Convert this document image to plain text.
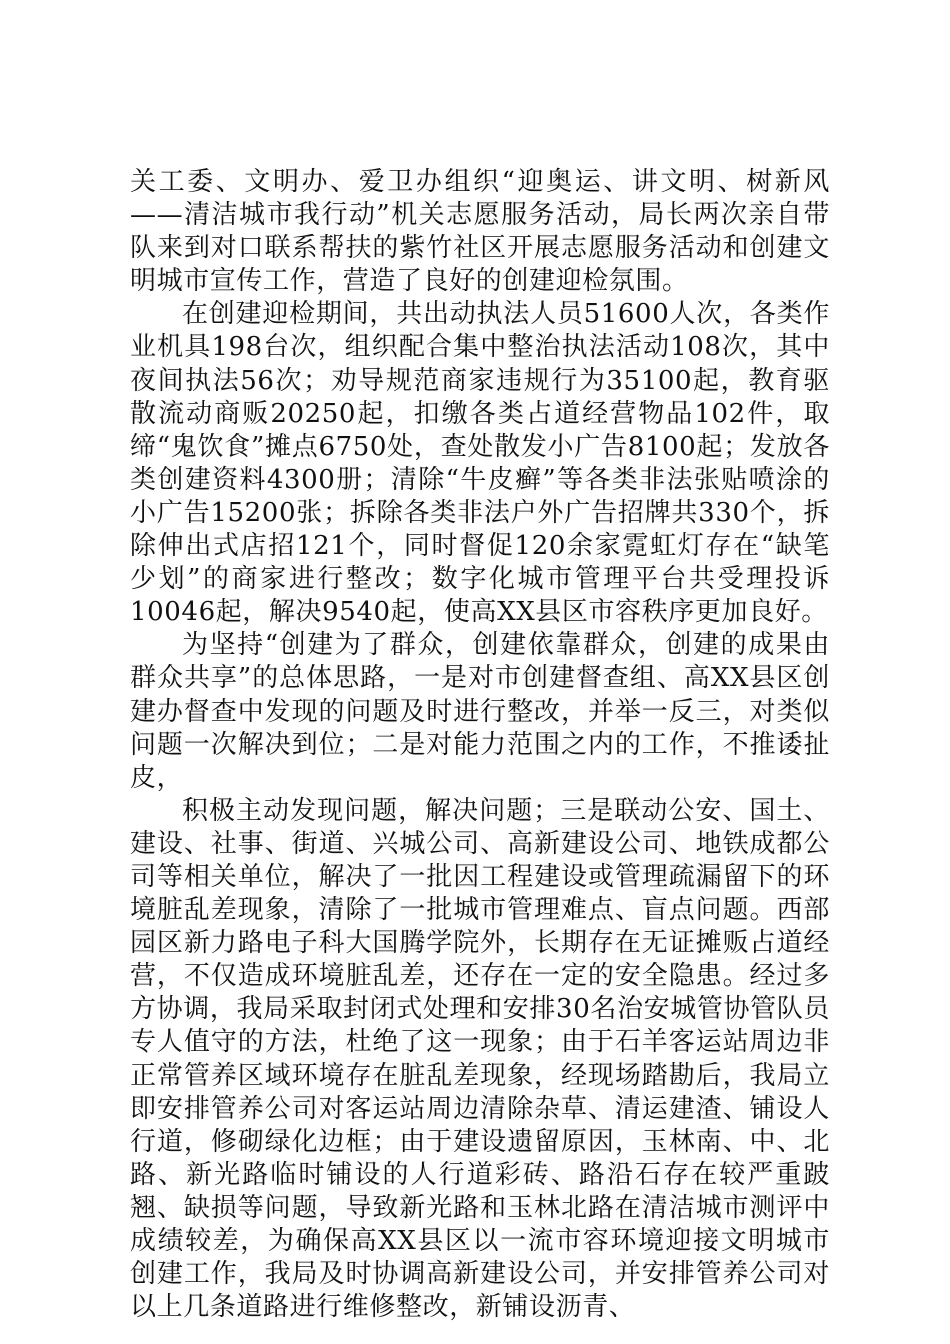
关工委、文明办、爱卫办组织“迎奥运、讲文明、树新风——清洁城市我行动”机关志愿服务活动，局长两次亲自带队来到对口联系帮扶的紫竹社区开展志愿服务活动和创建文明城市宣传工作，营造了良好的创建迎检氛围。

在创建迎检期间，共出动执法人员51600人次，各类作业机具198台次，组织配合集中整治执法活动108次，其中夜间执法56次；劝导规范商家违规行为35100起，教育驱散流动商贩20250起，扣缴各类占道经营物品102件，取缔“鬼饮食”摊点6750处，查处散发小广告8100起；发放各类创建资料4300册；清除“牛皮癣”等各类非法张贴喷涂的小广告15200张；拆除各类非法户外广告招牌共330个，拆除伸出式店招121个，同时督促120余家霓虹灯存在“缺笔少划”的商家进行整改；数字化城市管理平台共受理投诉10046起，解决9540起，使高XX县区市容秩序更加良好。

为坚持“创建为了群众，创建依靠群众，创建的成果由群众共享”的总体思路，一是对市创建督查组、高XX县区创建办督查中发现的问题及时进行整改，并举一反三，对类似问题一次解决到位；二是对能力范围之内的工作，不推诿扯皮，

积极主动发现问题，解决问题；三是联动公安、国土、建设、社事、街道、兴城公司、高新建设公司、地铁成都公司等相关单位，解决了一批因工程建设或管理疏漏留下的环境脏乱差现象，清除了一批城市管理难点、盲点问题。西部园区新力路电子科大国腾学院外，长期存在无证摊贩占道经营，不仅造成环境脏乱差，还存在一定的安全隐患。经过多方协调，我局采取封闭式处理和安排30名治安城管协管队员专人值守的方法，杜绝了这一现象；由于石羊客运站周边非正常管养区域环境存在脏乱差现象，经现场踏勘后，我局立即安排管养公司对客运站周边清除杂草、清运建渣、铺设人行道，修砌绿化边框；由于建设遗留原因，玉林南、中、北路、新光路临时铺设的人行道彩砖、路沿石存在较严重跛翘、缺损等问题，导致新光路和玉林北路在清洁城市测评中成绩较差，为确保高XX县区以一流市容环境迎接文明城市创建工作，我局及时协调高新建设公司，并安排管养公司对以上几条道路进行维修整改，新铺设沥青、
